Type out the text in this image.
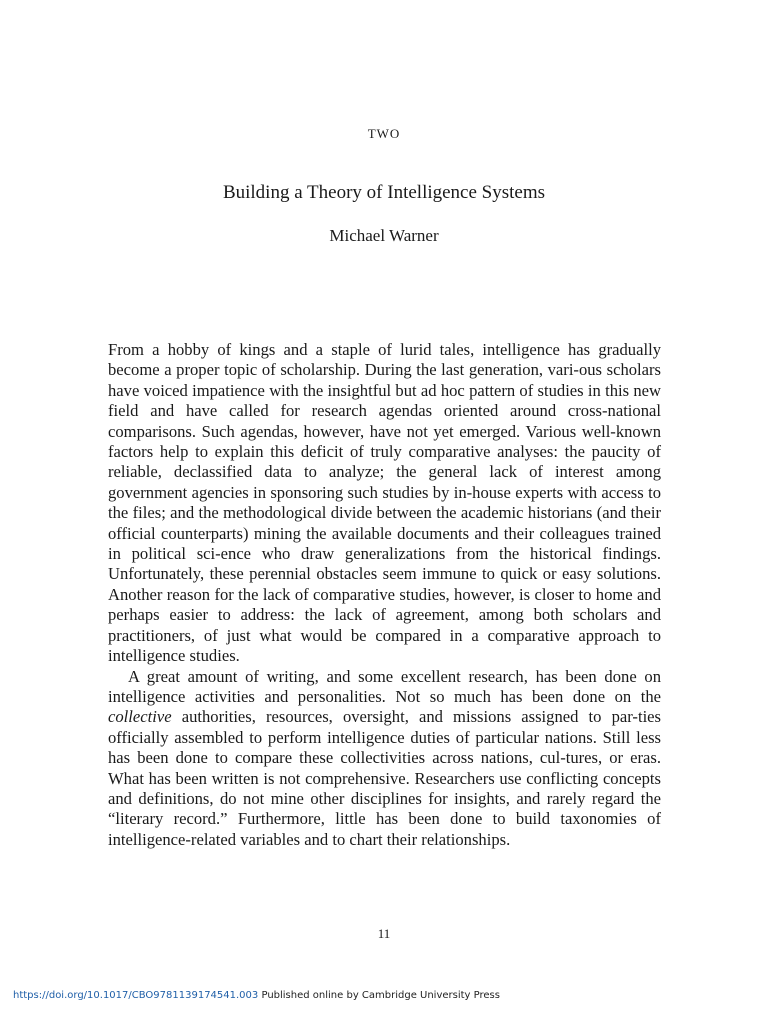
TWO
Building a Theory of Intelligence Systems
Michael Warner

From a hobby of kings and a staple of lurid tales, intelligence has gradually become a proper topic of scholarship. During the last generation, vari-ous scholars have voiced impatience with the insightful but ad hoc pattern of studies in this new field and have called for research agendas oriented around cross-national comparisons. Such agendas, however, have not yet emerged. Various well-known factors help to explain this deficit of truly comparative analyses: the paucity of reliable, declassified data to analyze; the general lack of interest among government agencies in sponsoring such studies by in-house experts with access to the files; and the methodological divide between the academic historians (and their official counterparts) mining the available documents and their colleagues trained in political sci-ence who draw generalizations from the historical findings. Unfortunately, these perennial obstacles seem immune to quick or easy solutions. Another reason for the lack of comparative studies, however, is closer to home and perhaps easier to address: the lack of agreement, among both scholars and practitioners, of just what would be compared in a comparative approach to intelligence studies.

A great amount of writing, and some excellent research, has been done on intelligence activities and personalities. Not so much has been done on the collective authorities, resources, oversight, and missions assigned to par-ties officially assembled to perform intelligence duties of particular nations. Still less has been done to compare these collectivities across nations, cul-tures, or eras. What has been written is not comprehensive. Researchers use conflicting concepts and definitions, do not mine other disciplines for insights, and rarely regard the “literary record.” Furthermore, little has been done to build taxonomies of intelligence-related variables and to chart their relationships.

11
https://doi.org/10.1017/CBO9781139174541.003 Published online by Cambridge University Press
